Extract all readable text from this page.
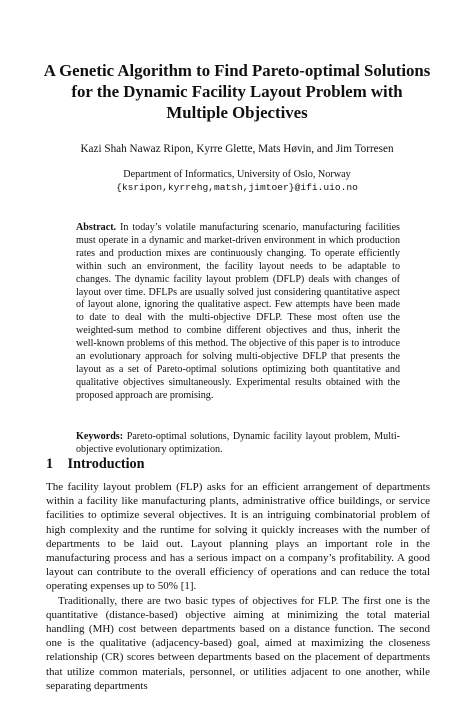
A Genetic Algorithm to Find Pareto-optimal Solutions for the Dynamic Facility Layout Problem with Multiple Objectives
Kazi Shah Nawaz Ripon, Kyrre Glette, Mats Høvin, and Jim Torresen
Department of Informatics, University of Oslo, Norway
{ksripon,kyrrehg,matsh,jimtoer}@ifi.uio.no
Abstract. In today’s volatile manufacturing scenario, manufacturing facilities must operate in a dynamic and market-driven environment in which production rates and production mixes are continuously changing. To operate efficiently within such an environment, the facility layout needs to be adaptable to changes. The dynamic facility layout problem (DFLP) deals with changes of layout over time. DFLPs are usually solved just considering quantitative aspect of layout alone, ignoring the qualitative aspect. Few attempts have been made to date to deal with the multi-objective DFLP. These most often use the weighted-sum method to combine different objectives and thus, inherit the well-known problems of this method. The objective of this paper is to introduce an evolutionary approach for solving multi-objective DFLP that presents the layout as a set of Pareto-optimal solutions optimizing both quantitative and qualitative objectives simultaneously. Experimental results obtained with the proposed approach are promising.
Keywords: Pareto-optimal solutions, Dynamic facility layout problem, Multi-objective evolutionary optimization.
1 Introduction

The facility layout problem (FLP) asks for an efficient arrangement of departments within a facility like manufacturing plants, administrative office buildings, or service facilities to optimize several objectives. It is an intriguing combinatorial problem of high complexity and the runtime for solving it quickly increases with the number of departments to be laid out. Layout planning plays an important role in the manufacturing process and has a serious impact on a company’s profitability. A good layout can contribute to the overall efficiency of operations and can reduce the total operating expenses up to 50% [1].

Traditionally, there are two basic types of objectives for FLP. The first one is the quantitative (distance-based) objective aiming at minimizing the total material handling (MH) cost between departments based on a distance function. The second one is the qualitative (adjacency-based) goal, aimed at maximizing the closeness relationship (CR) scores between departments based on the placement of departments that utilize common materials, personnel, or utilities adjacent to one another, while separating departments
